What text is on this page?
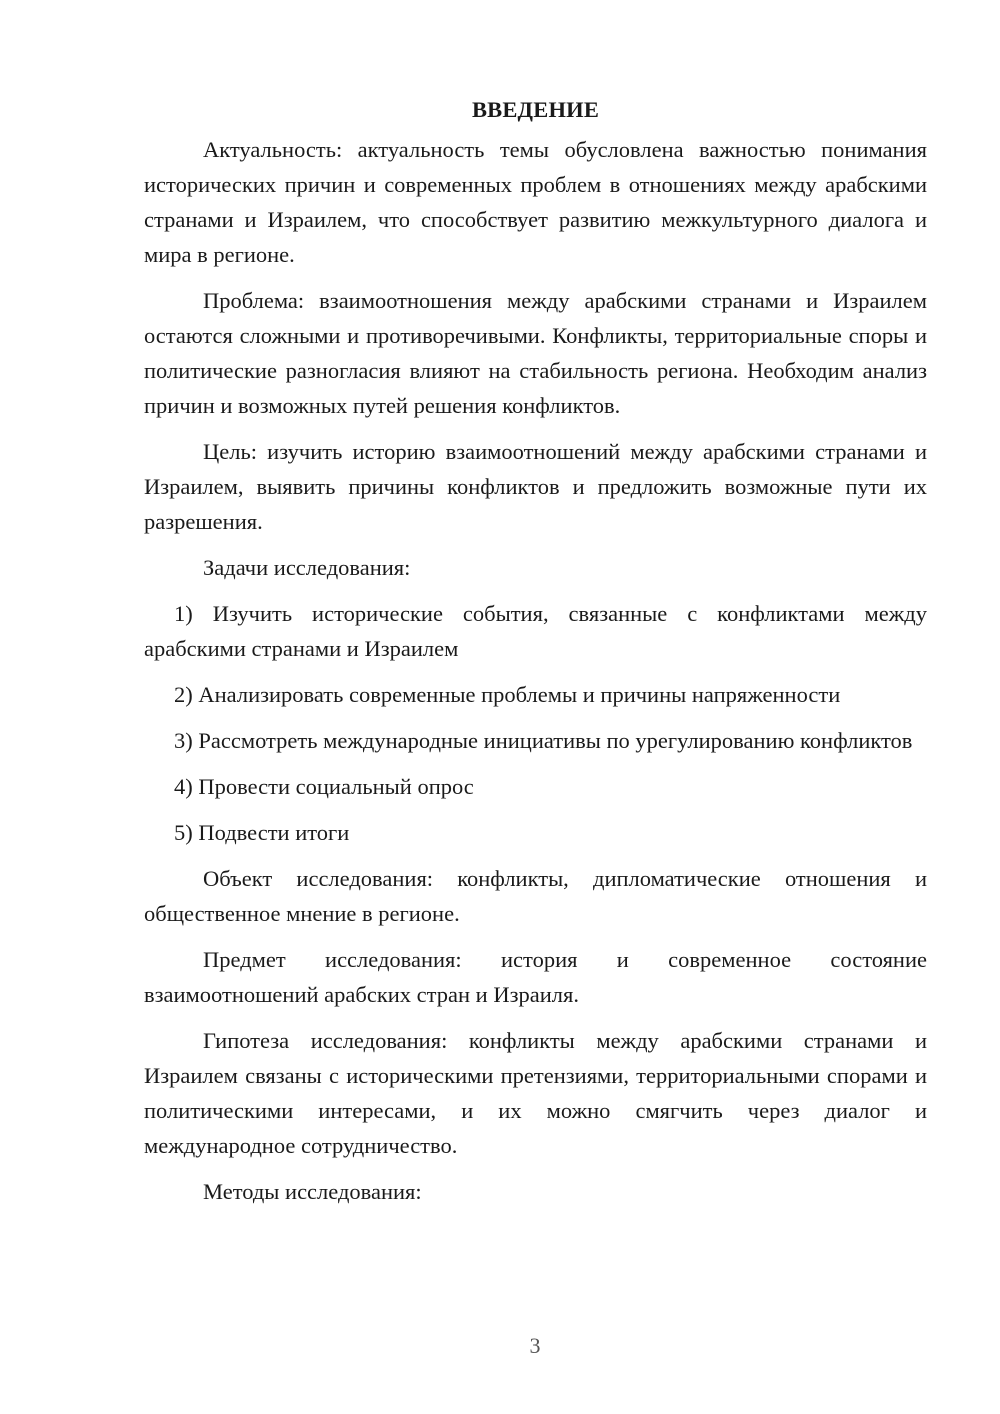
ВВЕДЕНИЕ

Актуальность: актуальность темы обусловлена важностью понимания исторических причин и современных проблем в отношениях между арабскими странами и Израилем, что способствует развитию межкультурного диалога и мира в регионе.

Проблема: взаимоотношения между арабскими странами и Израилем остаются сложными и противоречивыми. Конфликты, территориальные споры и политические разногласия влияют на стабильность региона. Необходим анализ причин и возможных путей решения конфликтов.

Цель: изучить историю взаимоотношений между арабскими странами и Израилем, выявить причины конфликтов и предложить возможные пути их разрешения.

Задачи исследования:

1) Изучить исторические события, связанные с конфликтами между арабскими странами и Израилем

2) Анализировать современные проблемы и причины напряженности

3) Рассмотреть международные инициативы по урегулированию конфликтов

4) Провести социальный опрос

5) Подвести итоги

Объект исследования: конфликты, дипломатические отношения и общественное мнение в регионе.

Предмет исследования: история и современное состояние взаимоотношений арабских стран и Израиля.

Гипотеза исследования: конфликты между арабскими странами и Израилем связаны с историческими претензиями, территориальными спорами и политическими интересами, и их можно смягчить через диалог и международное сотрудничество.

Методы исследования:

3
